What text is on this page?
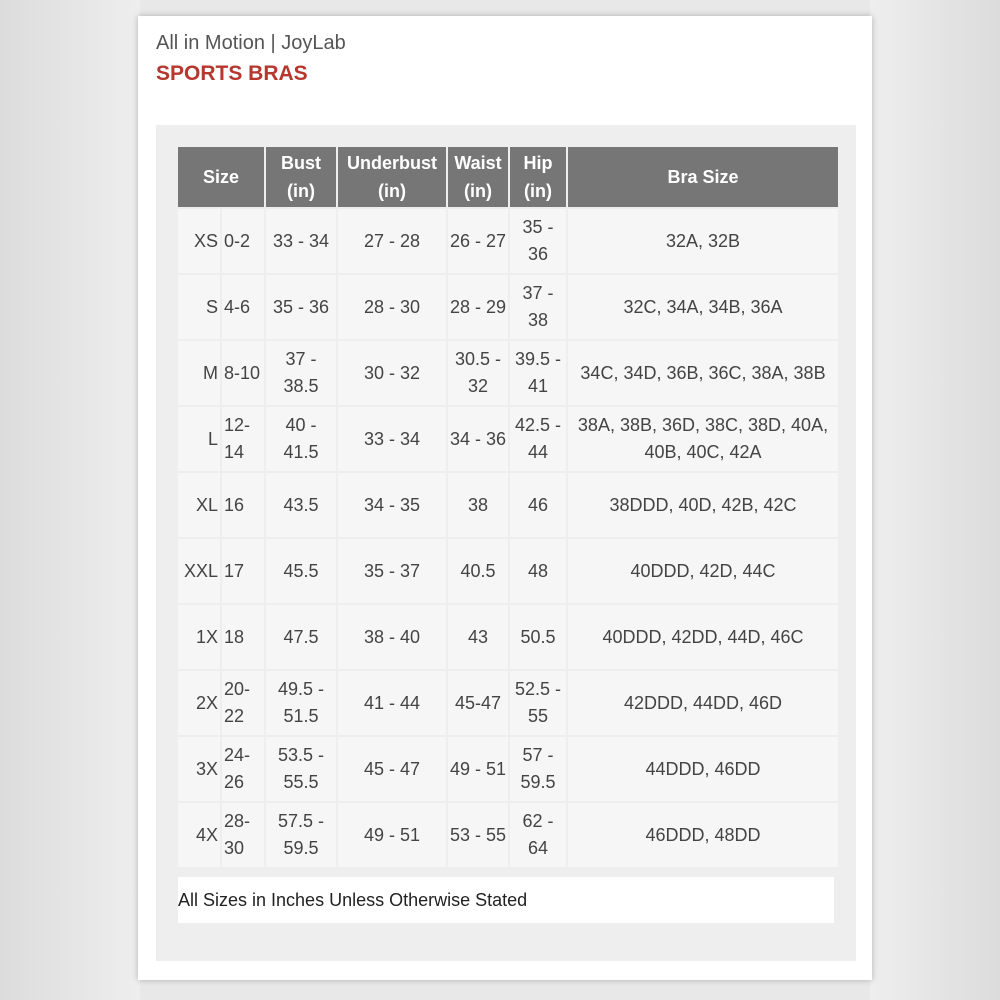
All in Motion | JoyLab
SPORTS BRAS
Size		Bust (in)	Underbust (in)	Waist (in)	Hip (in)	Bra Size
XS	0-2	33 - 34	27 - 28	26 - 27	35 - 36	32A, 32B
S	4-6	35 - 36	28 - 30	28 - 29	37 - 38	32C, 34A, 34B, 36A
M	8-10	37 - 38.5	30 - 32	30.5 - 32	39.5 - 41	34C, 34D, 36B, 36C, 38A, 38B
L	12-14	40 - 41.5	33 - 34	34 - 36	42.5 - 44	38A, 38B, 36D, 38C, 38D, 40A, 40B, 40C, 42A
XL	16	43.5	34 - 35	38	46	38DDD, 40D, 42B, 42C
XXL	17	45.5	35 - 37	40.5	48	40DDD, 42D, 44C
1X	18	47.5	38 - 40	43	50.5	40DDD, 42DD, 44D, 46C
2X	20-22	49.5 - 51.5	41 - 44	45-47	52.5 - 55	42DDD, 44DD, 46D
3X	24-26	53.5 - 55.5	45 - 47	49 - 51	57 - 59.5	44DDD, 46DD
4X	28-30	57.5 - 59.5	49 - 51	53 - 55	62 - 64	46DDD, 48DD
All Sizes in Inches Unless Otherwise Stated
